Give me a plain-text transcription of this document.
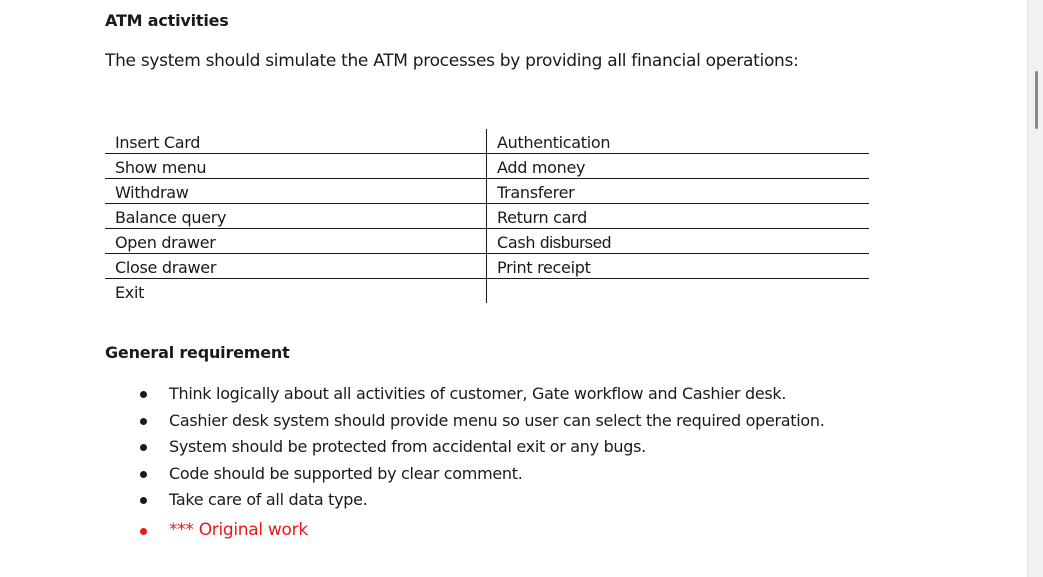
ATM activities
The system should simulate the ATM processes by providing all financial operations:
Insert Card	Authentication
Show menu	Add money
Withdraw	Transferer
Balance query	Return card
Open drawer	Cash disbursed
Close drawer	Print receipt
Exit	
General requirement
Think logically about all activities of customer, Gate workflow and Cashier desk.
Cashier desk system should provide menu so user can select the required operation.
System should be protected from accidental exit or any bugs.
Code should be supported by clear comment.
Take care of all data type.
*** Original work
